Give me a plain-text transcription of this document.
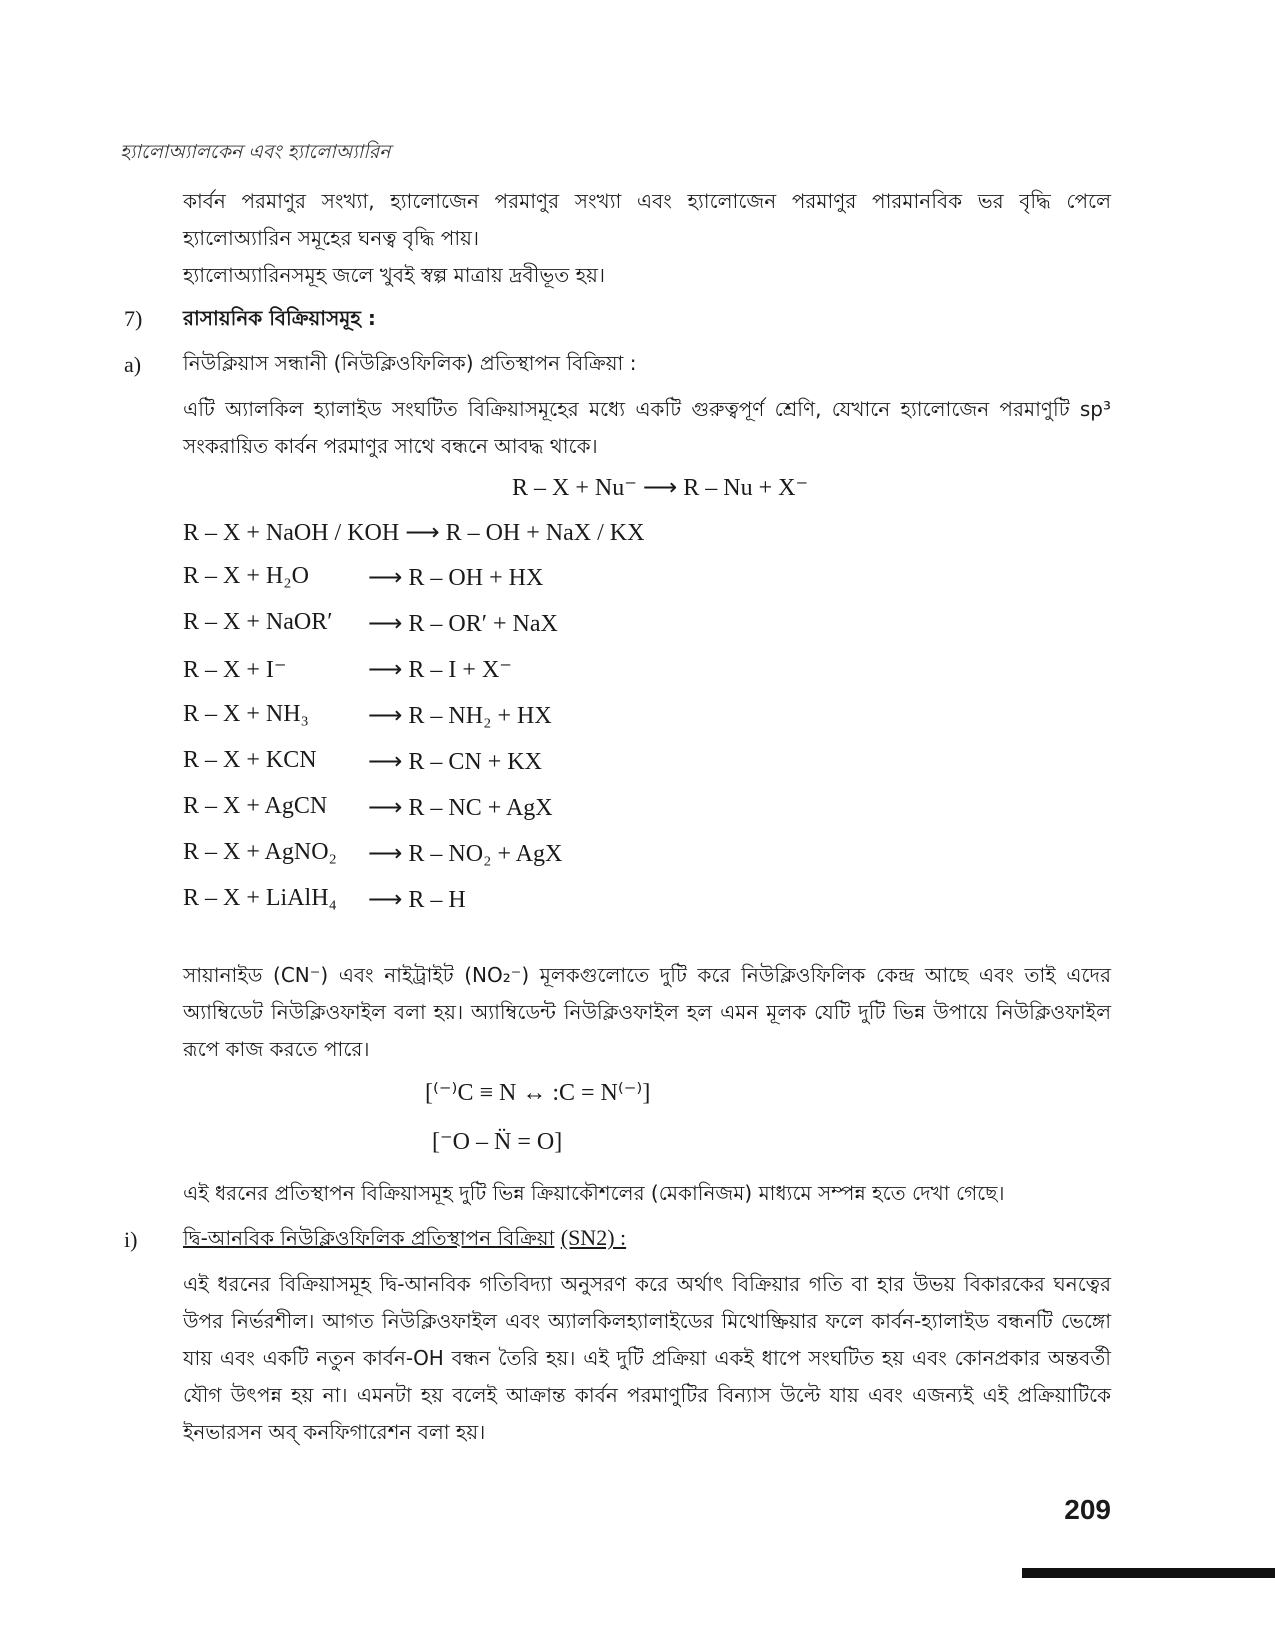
হ্যালোঅ্যালকেন এবং হ্যালোঅ্যারিন
কার্বন পরমাণুর সংখ্যা, হ্যালোজেন পরমাণুর সংখ্যা এবং হ্যালোজেন পরমাণুর পারমানবিক ভর বৃদ্ধি পেলে হ্যালোঅ্যারিন সমূহের ঘনত্ব বৃদ্ধি পায়।
হ্যালোঅ্যারিনসমূহ জলে খুবই স্বল্প মাত্রায় দ্রবীভূত হয়।
7) রাসায়নিক বিক্রিয়াসমূহ :
a) নিউক্লিয়াস সন্ধানী (নিউক্লিওফিলিক) প্রতিস্থাপন বিক্রিয়া :
এটি অ্যালকিল হ্যালাইড সংঘটিত বিক্রিয়াসমূহের মধ্যে একটি গুরুত্বপূর্ণ শ্রেণি, যেখানে হ্যালোজেন পরমাণুটি sp³ সংকরায়িত কার্বন পরমাণুর সাথে বন্ধনে আবদ্ধ থাকে।
R – X + Nu⁻ ⟶ R – Nu + X⁻
R – X + NaOH / KOH ⟶ R – OH + NaX / KX
R – X + H₂O ⟶ R – OH + HX
R – X + NaOR′ ⟶ R – OR′ + NaX
R – X + I⁻	⟶ R – I + X⁻
R – X + NH₃ ⟶ R – NH₂ + HX
R – X + KCN ⟶ R – CN + KX
R – X + AgCN ⟶ R – NC + AgX
R – X + AgNO₂ ⟶ R – NO₂ + AgX
R – X + LiAlH₄ ⟶ R – H
সায়ানাইড (CN⁻) এবং নাইট্রাইট (NO₂⁻) মূলকগুলোতে দুটি করে নিউক্লিওফিলিক কেন্দ্র আছে এবং তাই এদের অ্যাম্বিডেট নিউক্লিওফাইল বলা হয়। অ্যাম্বিডেন্ট নিউক্লিওফাইল হল এমন মূলক যেটি দুটি ভিন্ন উপায়ে নিউক্লিওফাইল রূপে কাজ করতে পারে।
[⁽⁻⁾C ≡ N ↔ :C = N⁽⁻⁾]
[⁻O – N̈ = O]
এই ধরনের প্রতিস্থাপন বিক্রিয়াসমূহ দুটি ভিন্ন ক্রিয়াকৌশলের (মেকানিজম) মাধ্যমে সম্পন্ন হতে দেখা গেছে।
i) দ্বি-আনবিক নিউক্লিওফিলিক প্রতিস্থাপন বিক্রিয়া (SN2) :
এই ধরনের বিক্রিয়াসমূহ দ্বি-আনবিক গতিবিদ্যা অনুসরণ করে অর্থাৎ বিক্রিয়ার গতি বা হার উভয় বিকারকের ঘনত্বের উপর নির্ভরশীল। আগত নিউক্লিওফাইল এবং অ্যালকিলহ্যালাইডের মিথোষ্ক্রিয়ার ফলে কার্বন-হ্যালাইড বন্ধনটি ভেঙ্গো যায় এবং একটি নতুন কার্বন-OH বন্ধন তৈরি হয়। এই দুটি প্রক্রিয়া একই ধাপে সংঘটিত হয় এবং কোনপ্রকার অন্তবর্তী যৌগ উৎপন্ন হয় না। এমনটা হয় বলেই আক্রান্ত কার্বন পরমাণুটির বিন্যাস উল্টে যায় এবং এজন্যই এই প্রক্রিয়াটিকে ইনভারসন অব্ কনফিগারেশন বলা হয়।
209
